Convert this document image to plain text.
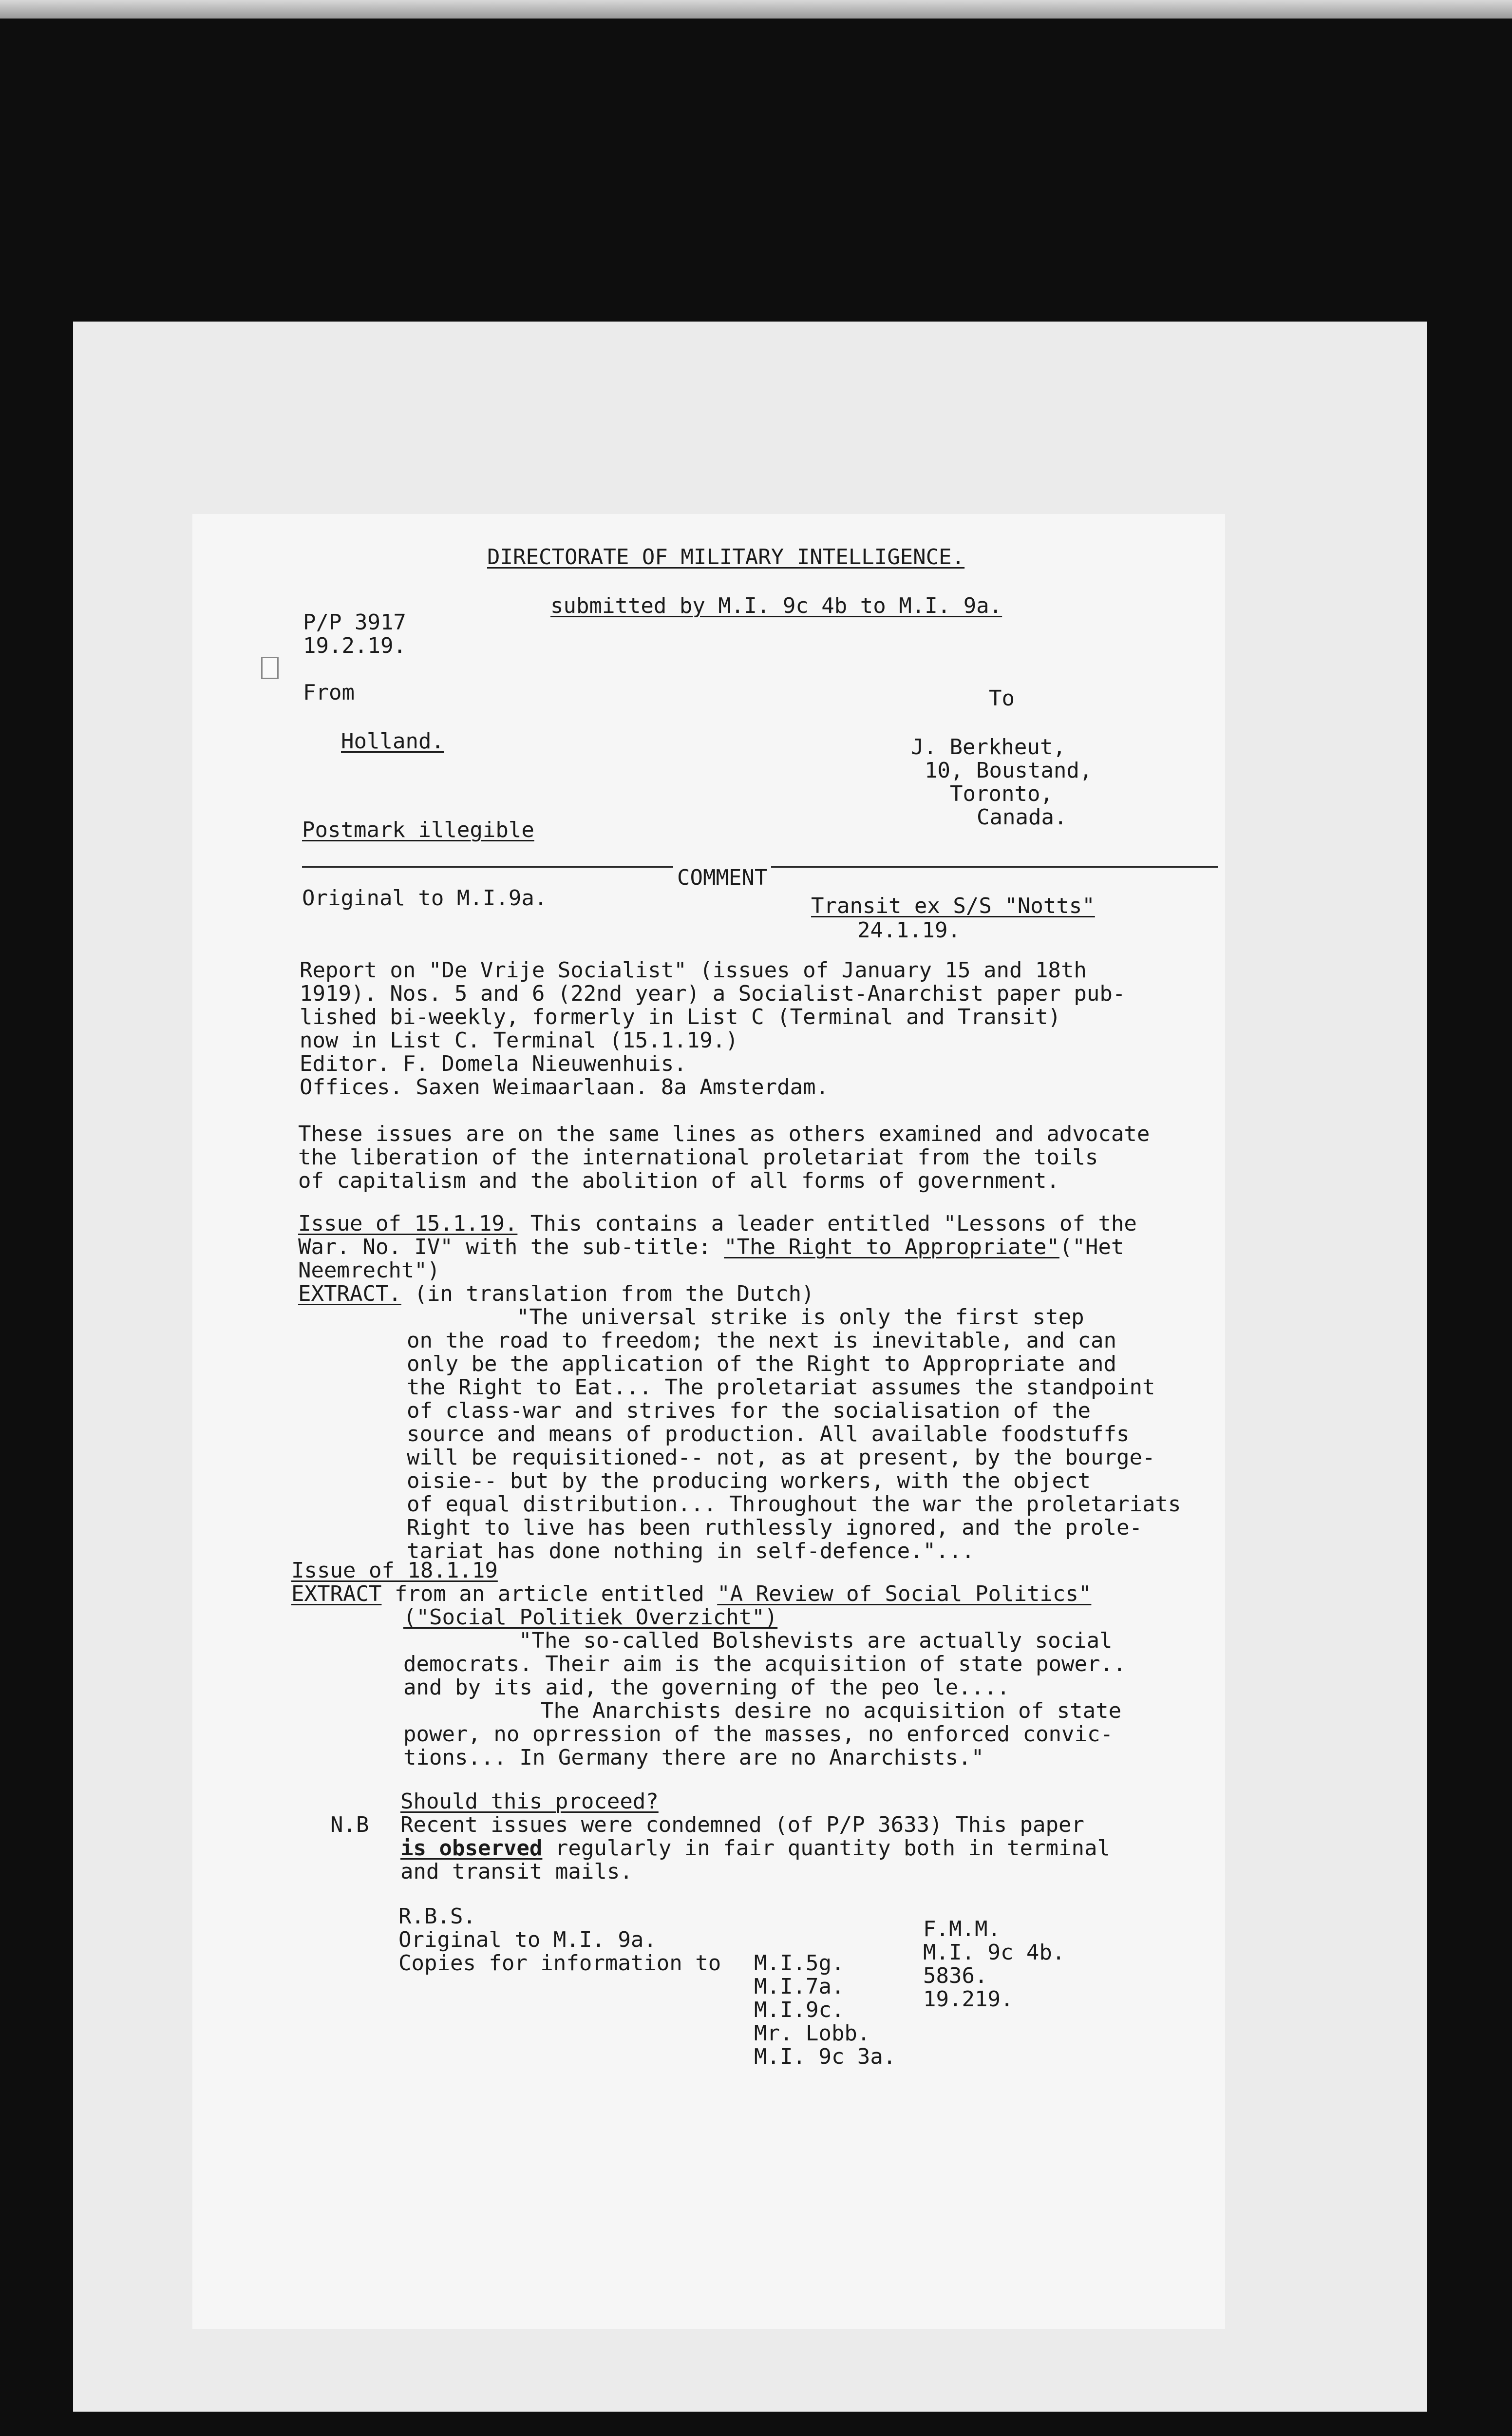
DIRECTORATE OF MILITARY INTELLIGENCE.
submitted by M.I. 9c 4b to M.I. 9a.
P/P 3917
19.2.19.
From	To
Holland.	J. Berkheut,
10, Boustand,
Toronto,
Canada.
Postmark illegible
COMMENT
Original to M.I.9a.	Transit ex S/S "Notts"
24.1.19.
Report on "De Vrije Socialist" (issues of January 15 and 18th
1919). Nos. 5 and 6 (22nd year) a Socialist-Anarchist paper pub-
lished bi-weekly, formerly in List C (Terminal and Transit)
now in List C. Terminal (15.1.19.)
Editor. F. Domela Nieuwenhuis.
Offices. Saxen Weimaarlaan. 8a Amsterdam.
These issues are on the same lines as others examined and advocate
the liberation of the international proletariat from the toils
of capitalism and the abolition of all forms of government.
Issue of 15.1.19. This contains a leader entitled "Lessons of the
War. No. IV" with the sub-title: "The Right to Appropriate"("Het
Neemrecht")
EXTRACT. (in translation from the Dutch)
"The universal strike is only the first step
on the road to freedom; the next is inevitable, and can
only be the application of the Right to Appropriate and
the Right to Eat... The proletariat assumes the standpoint
of class-war and strives for the socialisation of the
source and means of production. All available foodstuffs
will be requisitioned-- not, as at present, by the bourge-
oisie-- but by the producing workers, with the object
of equal distribution... Throughout the war the proletariats
Right to live has been ruthlessly ignored, and the prole-
tariat has done nothing in self-defence."...
Issue of 18.1.19
EXTRACT from an article entitled "A Review of Social Politics"
("Social Politiek Overzicht")
"The so-called Bolshevists are actually social
democrats. Their aim is the acquisition of state power..
and by its aid, the governing of the peo le....
The Anarchists desire no acquisition of state
power, no oprression of the masses, no enforced convic-
tions... In Germany there are no Anarchists."
Should this proceed?
N.B Recent issues were condemned (of P/P 3633) This paper
is observed regularly in fair quantity both in terminal
and transit mails.
R.B.S.
Original to M.I. 9a.
Copies for information to M.I.5g.
M.I.7a.
M.I.9c.
Mr. Lobb.
M.I. 9c 3a.
F.M.M.
M.I. 9c 4b.
5836.
19.219.
